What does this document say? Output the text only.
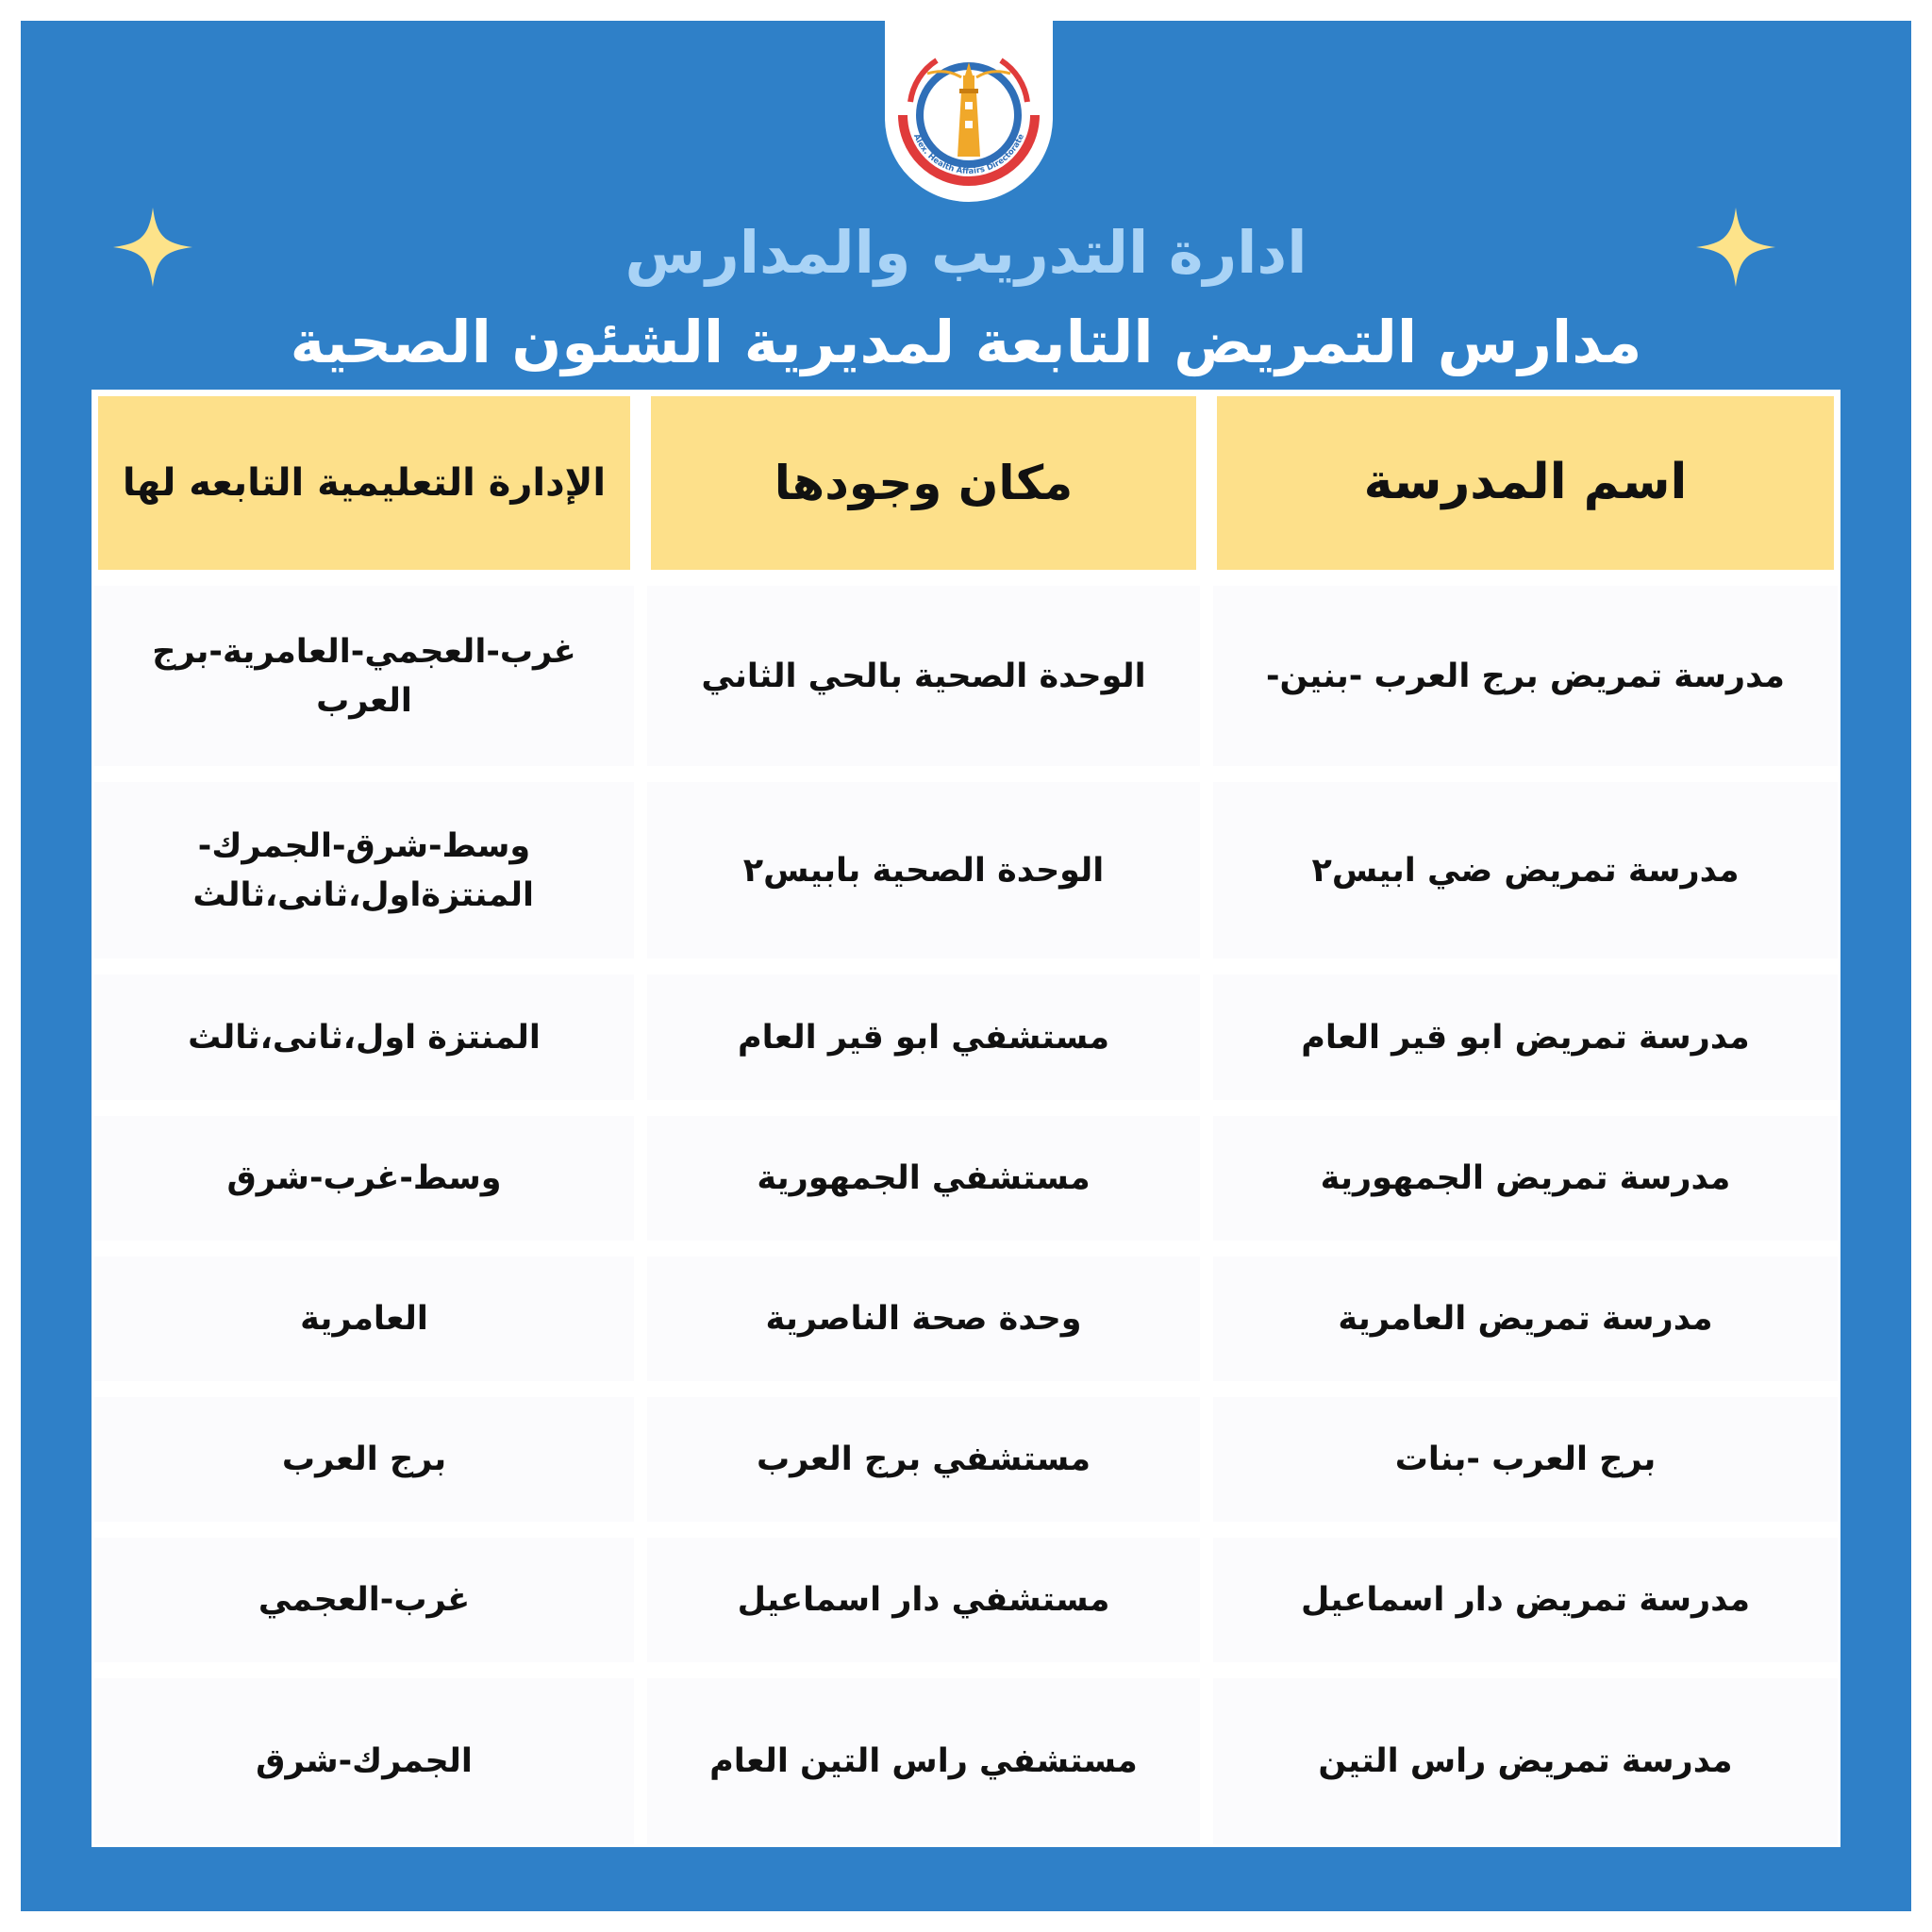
Alex. Health Affairs Directorate
ادارة التدريب والمدارس
مدارس التمريض التابعة لمديرية الشئون الصحية
اسم المدرسة
مكان وجودها
الإدارة التعليمية التابعه لها
مدرسة تمريض برج العرب -بنين-
الوحدة الصحية بالحي الثاني
غرب-العجمي-العامرية-برج العرب
مدرسة تمريض ضي ابيس٢
الوحدة الصحية بابيس٢
وسط-شرق-الجمرك-المنتزةاول،ثانى،ثالث
مدرسة تمريض ابو قير العام
مستشفي ابو قير العام
المنتزة اول،ثانى،ثالث
مدرسة تمريض الجمهورية
مستشفي الجمهورية
وسط-غرب-شرق
مدرسة تمريض العامرية
وحدة صحة الناصرية
العامرية
برج العرب -بنات
مستشفي برج العرب
برج العرب
مدرسة تمريض دار اسماعيل
مستشفي دار اسماعيل
غرب-العجمي
مدرسة تمريض راس التين
مستشفي راس التين العام
الجمرك-شرق
